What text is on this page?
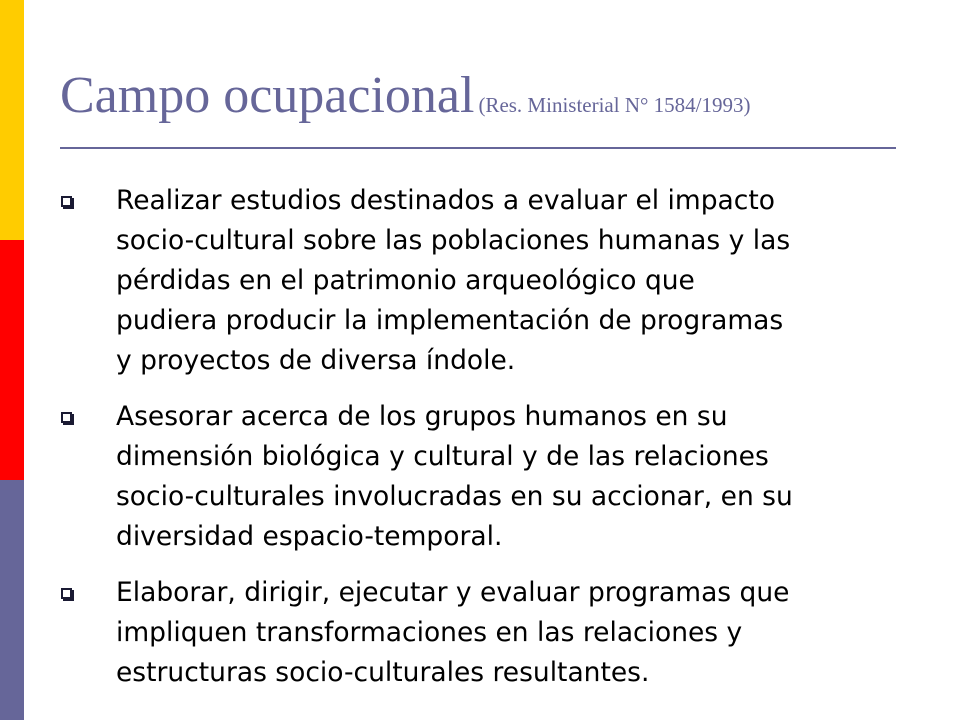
Campo ocupacional (Res. Ministerial N° 1584/1993)
Realizar estudios destinados a evaluar el impacto
socio-cultural sobre las poblaciones humanas y las
pérdidas en el patrimonio arqueológico que
pudiera producir la implementación de programas
y proyectos de diversa índole.
Asesorar acerca de los grupos humanos en su
dimensión biológica y cultural y de las relaciones
socio-culturales involucradas en su accionar, en su
diversidad espacio-temporal.
Elaborar, dirigir, ejecutar y evaluar programas que
impliquen transformaciones en las relaciones y
estructuras socio-culturales resultantes.
